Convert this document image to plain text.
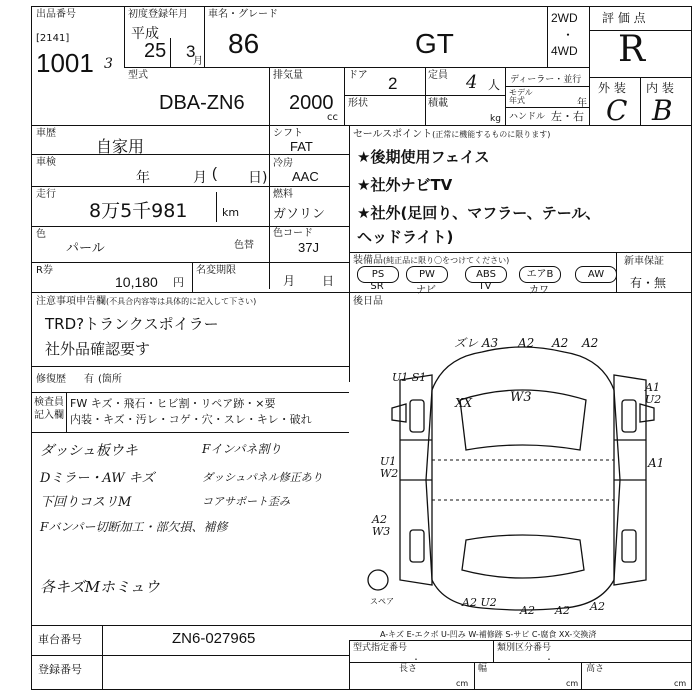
出品番号
[2141]
1001 3
初度登録年月
平成
25 3
月
車名・グレード
86	GT
2WD
・
4WD
評 価 点
R
外 装 内 装
C B
型式
DBA-ZN6
排気量
2000
cc
ドア 2	定員 4 人
形状	積載
kg
ディーラー・並行
モデル年式	年
ハンドル 左・右
車歴
自家用
車検
年	月 ( 日)
走行
8万5千981	km
色
パール	色替
R券
10,180 円
名変期限
月 日
シフト
FAT
冷房
AAC
燃料
ガソリン
色コード
37J
セールスポイント(正常に機能するものに限ります)
★後期使用フェイス
★社外ナビTV
★社外(足回り、マフラー、テール、
ヘッドライト)
装備品(純正品に限り〇をつけてください)
PS	PW	ABS	エアB	AW
SR	ナビ	TV	カワ
新車保証
有・無
後日品
注意事項申告欄(不具合内容等は具体的に記入して下さい)
TRD?トランクスポイラー
社外品確認要す
修復歴 有 (箇所
検査員
記入欄
FW キズ・飛石・ヒビ割・リペア跡・×要
内装・キズ・汚レ・コゲ・穴・スレ・キレ・破れ
ダッシュ板ウキ	Fインパネ割り
Dミラー・AW キズ	ダッシュパネル修正あり
下回りコスリM	コアサポート歪み
Fバンパー切断加工・部欠損、補修
各キズMホミュウ
スペア
ズレ A3 A2 A2 A2
U1 S1
XX	W3
A1 U2
U1 W2
A1
A2 W3
A2 U2
A2 A2 A2
A-キズ E-エクボ U-凹み W-補修跡 S-サビ C-腐食 XX-交換済
車台番号	ZN6-027965
登録番号
型式指定番号
・
類別区分番号
・
長さ
cm
幅
cm
高さ
cm
